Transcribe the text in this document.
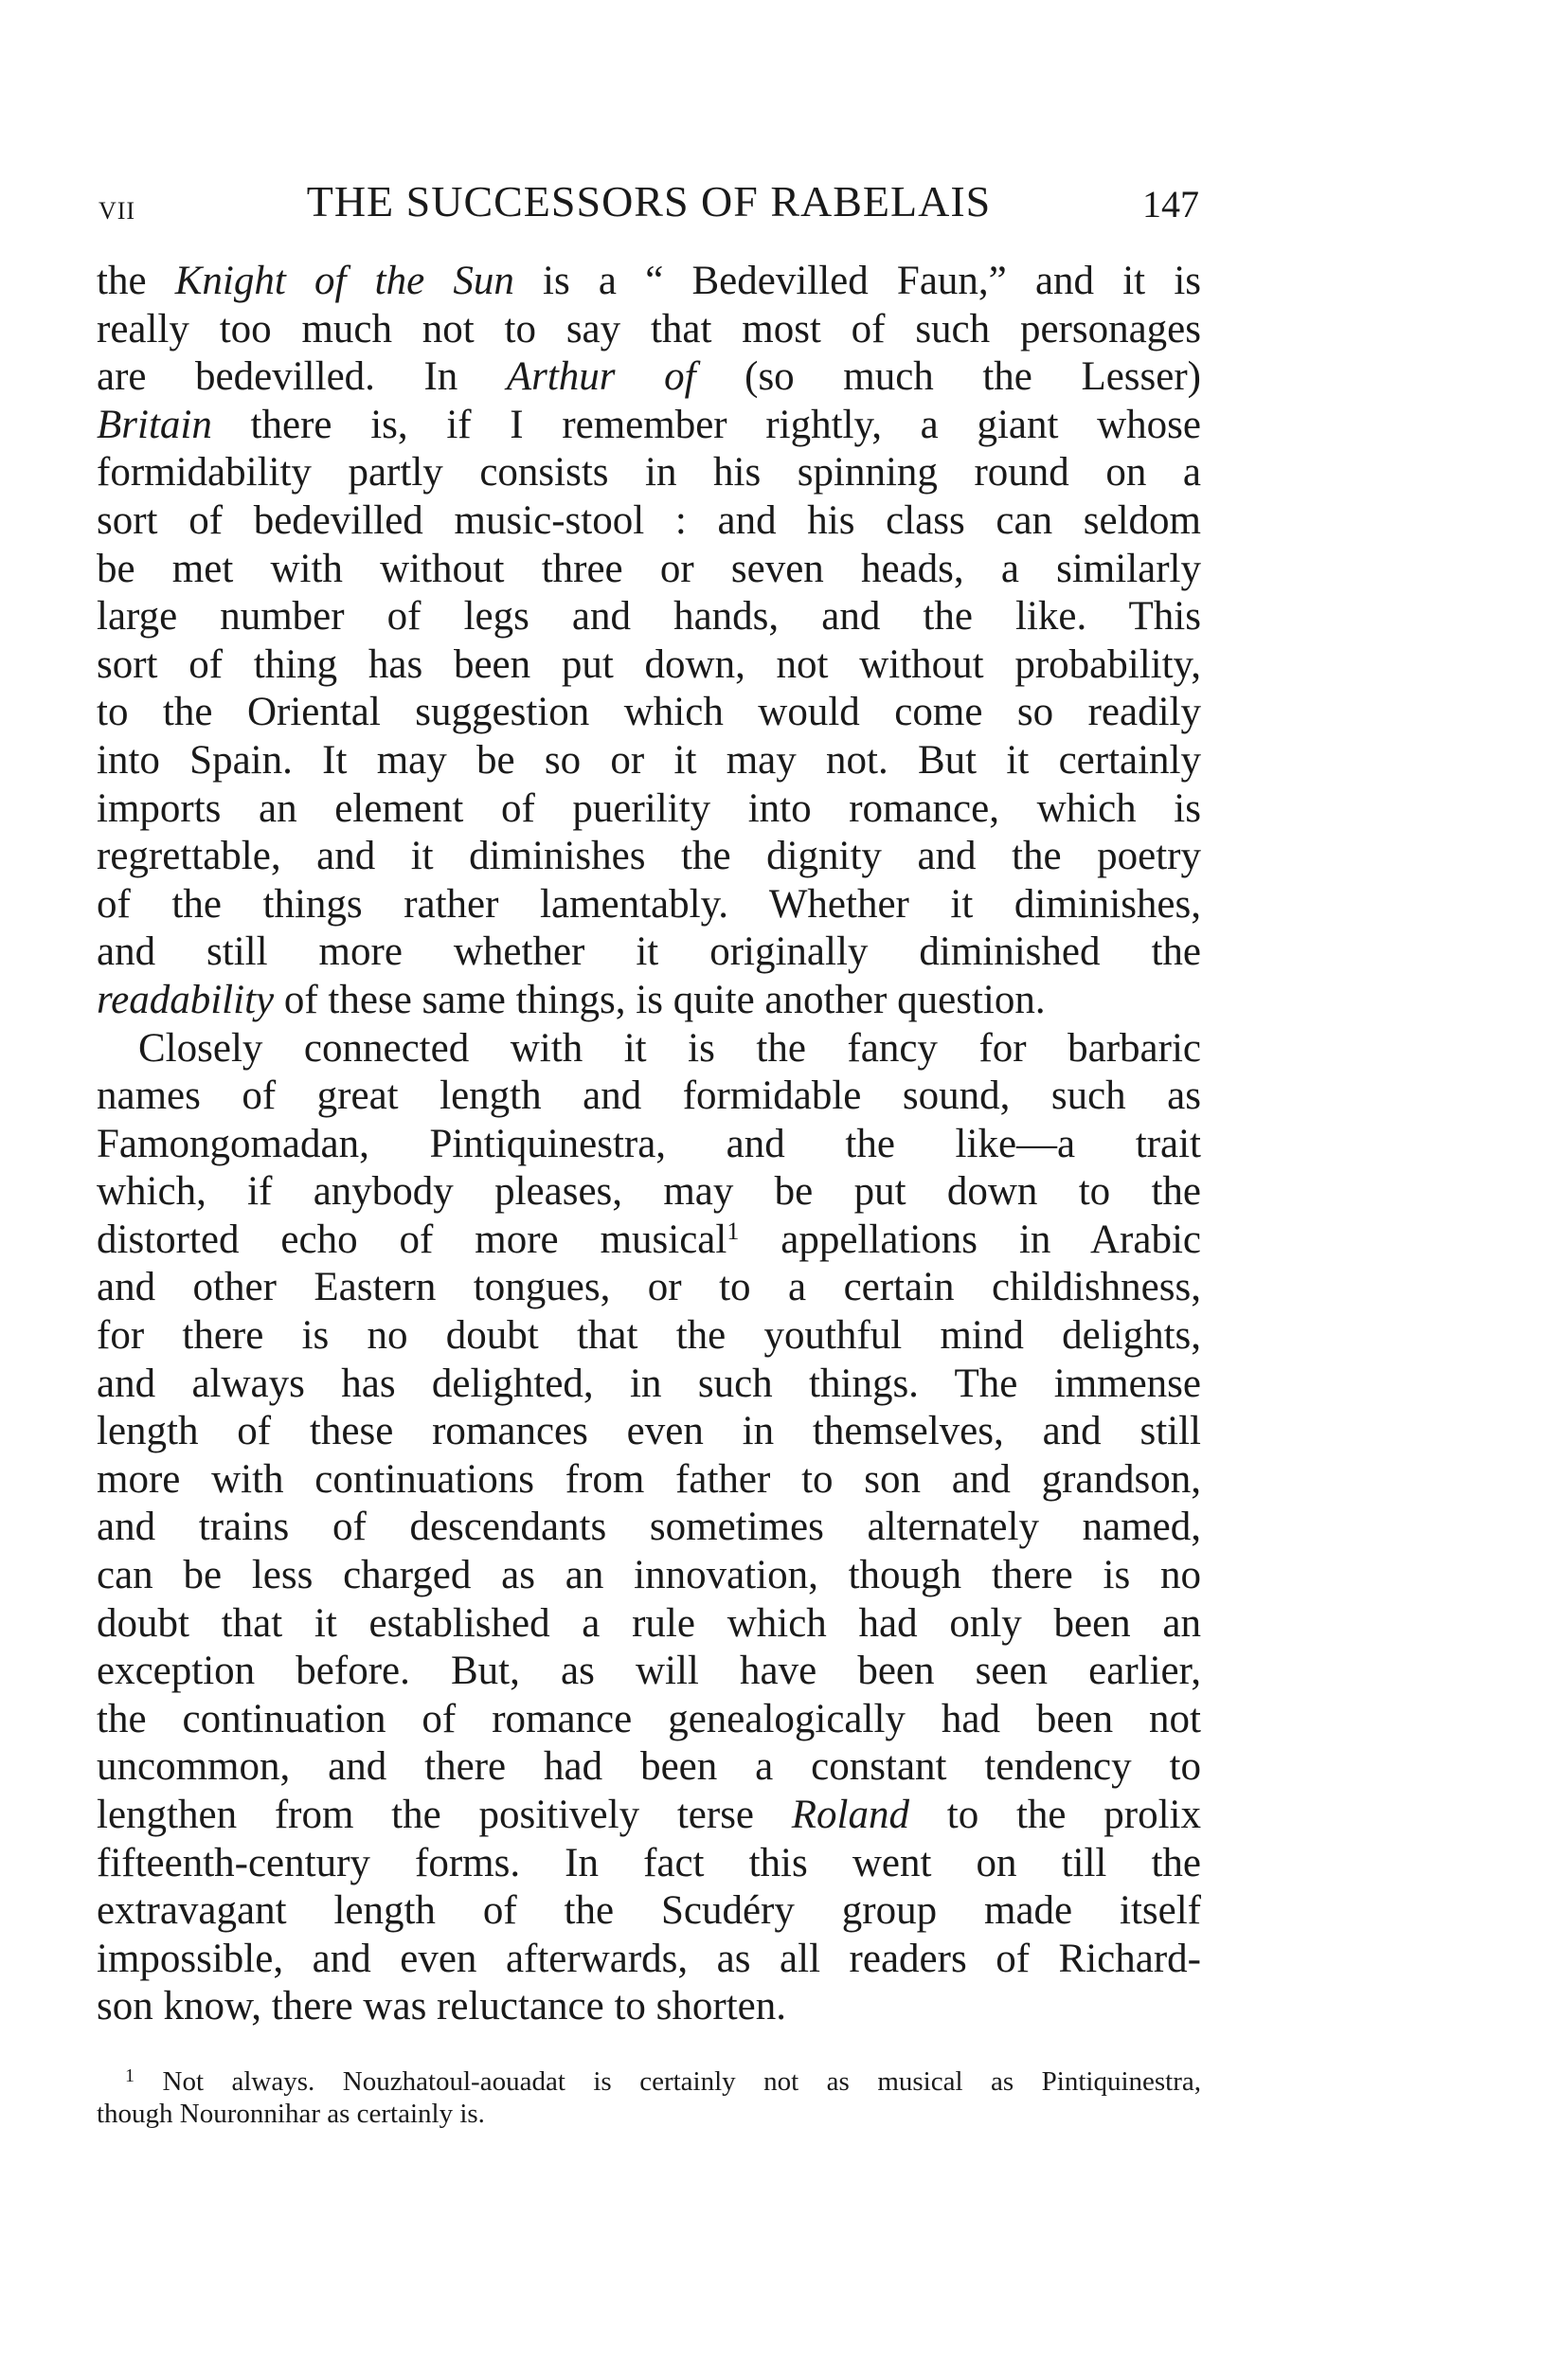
VII	THE SUCCESSORS OF RABELAIS	147
the Knight of the Sun is a “ Bedevilled Faun,” and it is
really too much not to say that most of such personages
are bedevilled. In Arthur of (so much the Lesser)
Britain there is, if I remember rightly, a giant whose
formidability partly consists in his spinning round on a
sort of bedevilled music-stool : and his class can seldom
be met with without three or seven heads, a similarly
large number of legs and hands, and the like. This
sort of thing has been put down, not without probability,
to the Oriental suggestion which would come so readily
into Spain. It may be so or it may not. But it certainly
imports an element of puerility into romance, which is
regrettable, and it diminishes the dignity and the poetry
of the things rather lamentably. Whether it diminishes,
and still more whether it originally diminished the
readability of these same things, is quite another question.
Closely connected with it is the fancy for barbaric
names of great length and formidable sound, such as
Famongomadan, Pintiquinestra, and the like—a trait
which, if anybody pleases, may be put down to the
distorted echo of more musical$^1$ appellations in Arabic
and other Eastern tongues, or to a certain childishness,
for there is no doubt that the youthful mind delights,
and always has delighted, in such things. The immense
length of these romances even in themselves, and still
more with continuations from father to son and grandson,
and trains of descendants sometimes alternately named,
can be less charged as an innovation, though there is no
doubt that it established a rule which had only been an
exception before. But, as will have been seen earlier,
the continuation of romance genealogically had been not
uncommon, and there had been a constant tendency to
lengthen from the positively terse Roland to the prolix
fifteenth-century forms. In fact this went on till the
extravagant length of the Scudéry group made itself
impossible, and even afterwards, as all readers of Richard-
son know, there was reluctance to shorten.
$^1$ Not always. Nouzhatoul-aouadat is certainly not as musical as Pintiquinestra,
though Nouronnihar as certainly is.
